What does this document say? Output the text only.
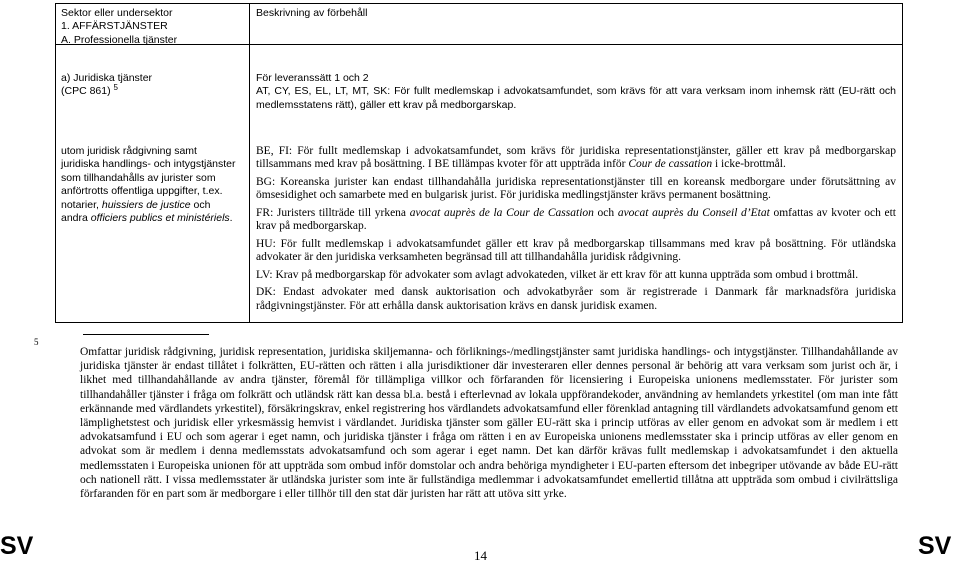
Sektor eller undersektor
1. AFFÄRSTJÄNSTER
A. Professionella tjänster
Beskrivning av förbehåll
a) Juridiska tjänster
(CPC 861) $^5$
För leveranssätt 1 och 2
AT, CY, ES, EL, LT, MT, SK: För fullt medlemskap i advokatsamfundet, som krävs för att vara verksam inom inhemsk rätt (EU-rätt och medlemsstatens rätt), gäller ett krav på medborgarskap.
utom juridisk rådgivning samt juridiska handlings- och intygstjänster som tillhandahålls av jurister som anförtrotts offentliga uppgifter, t.ex. notarier, huissiers de justice och andra officiers publics et ministériels.

BE, FI: För fullt medlemskap i advokatsamfundet, som krävs för juridiska representationstjänster, gäller ett krav på medborgarskap tillsammans med krav på bosättning. I BE tillämpas kvoter för att uppträda inför Cour de cassation i icke-brottmål.

BG: Koreanska jurister kan endast tillhandahålla juridiska representationstjänster till en koreansk medborgare under förutsättning av ömsesidighet och samarbete med en bulgarisk jurist. För juridiska medlingstjänster krävs permanent bosättning.

FR: Juristers tillträde till yrkena avocat auprès de la Cour de Cassation och avocat auprès du Conseil d’Etat omfattas av kvoter och ett krav på medborgarskap.

HU: För fullt medlemskap i advokatsamfundet gäller ett krav på medborgarskap tillsammans med krav på bosättning. För utländska advokater är den juridiska verksamheten begränsad till att tillhandahålla juridisk rådgivning.

LV: Krav på medborgarskap för advokater som avlagt advokateden, vilket är ett krav för att kunna uppträda som ombud i brottmål.

DK: Endast advokater med dansk auktorisation och advokatbyråer som är registrerade i Danmark får marknadsföra juridiska rådgivningstjänster. För att erhålla dansk auktorisation krävs en dansk juridisk examen.

5
Omfattar juridisk rådgivning, juridisk representation, juridiska skiljemanna- och förliknings-/medlingstjänster samt juridiska handlings- och intygstjänster. Tillhandahållande av juridiska tjänster är endast tillåtet i folkrätten, EU-rätten och rätten i alla jurisdiktioner där investeraren eller dennes personal är behörig att vara verksam som jurist och är, i likhet med tillhandahållande av andra tjänster, föremål för tillämpliga villkor och förfaranden för licensiering i Europeiska unionens medlemsstater. För jurister som tillhandahåller tjänster i fråga om folkrätt och utländsk rätt kan dessa bl.a. bestå i efterlevnad av lokala uppförandekoder, användning av hemlandets yrkestitel (om man inte fått erkännande med värdlandets yrkestitel), försäkringskrav, enkel registrering hos värdlandets advokatsamfund eller förenklad antagning till värdlandets advokatsamfund genom ett lämplighetstest och juridisk eller yrkesmässig hemvist i värdlandet. Juridiska tjänster som gäller EU-rätt ska i princip utföras av eller genom en advokat som är medlem i ett advokatsamfund i EU och som agerar i eget namn, och juridiska tjänster i fråga om rätten i en av Europeiska unionens medlemsstater ska i princip utföras av eller genom en advokat som är medlem i denna medlemsstats advokatsamfund och som agerar i eget namn. Det kan därför krävas fullt medlemskap i advokatsamfundet i den aktuella medlemsstaten i Europeiska unionen för att uppträda som ombud inför domstolar och andra behöriga myndigheter i EU-parten eftersom det inbegriper utövande av både EU-rätt och nationell rätt. I vissa medlemsstater är utländska jurister som inte är fullständiga medlemmar i advokatsamfundet emellertid tillåtna att uppträda som ombud i civilrättsliga förfaranden för en part som är medborgare i eller tillhör till den stat där juristen har rätt att utöva sitt yrke.
SV	14	SV
